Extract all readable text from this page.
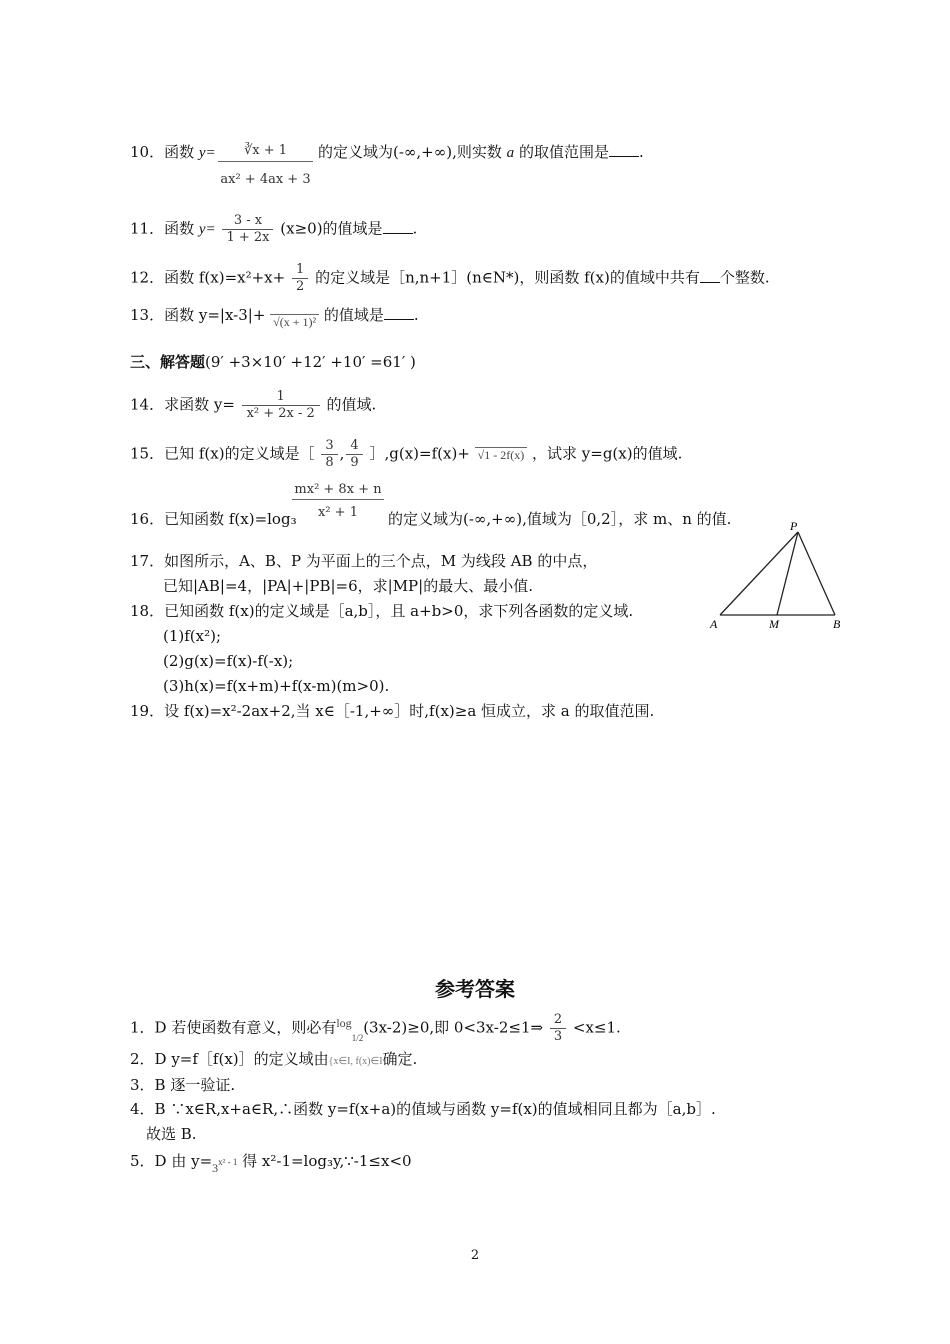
10．函数 y=	∛x + 1
ax² + 4ax + 3
的定义域为(-∞,+∞),则实数 a 的取值范围是 .
11．函数 $y= \frac{3 - x}{1 + 2x} (x\ge 0)$的值域是 .
12．函数 $f(x)=x^2+x+ \frac{1}{2}$ 的定义域是［n,n+1］(n∈N*)，则函数 f(x)的值域中共有 个整数.
13．函数 y=|x-3|+ $_{√(x + 1)^2}$ 的值域是 .
三、解答题(9′ +3×10′ +12′ +10′ =61′ )
14．求函数 $y= \frac{1}{\text{x² + 2x - 2}}$ 的值域.
15．已知 f(x)的定义域是［ $\frac{3}{8}$ , $\frac{4}{9}$ ］,g(x)=f(x)+ √1 - 2f(x) ，试求 y=g(x)的值域.
16．已知函数 f(x)=log₃
mx² + 8x + n
x² + 1	的定义域为(-∞,+∞),值域为［0,2］，求 m、n 的值.
17．如图所示，A、B、P 为平面上的三个点，M 为线段 AB 的中点，
已知|AB|=4，|PA|+|PB|=6，求|MP|的最大、最小值.
18．已知函数 f(x)的定义域是［a,b］，且 a+b>0，求下列各函数的定义域.
(1)f(x²);
(2)g(x)=f(x)-f(-x);
(3)h(x)=f(x+m)+f(x-m)(m>0).
19．设 f(x)=x²-2ax+2,当 x∈［-1,+∞］时,f(x)≥a 恒成立，求 a 的取值范围.
P
A	M	B
参考答案
1．D 若使函数有意义，则必有$^{log}_{1/2}$(3x-2)≥0,即 0<3x-2≤1⇒ $\frac{2}{3} <x\le 1$.
2．D y=f［f(x)］的定义域由{x∈I, f(x)∈I确定.
3．B 逐一验证.
4．B ∵x∈R,x+a∈R,∴函数 y=f(x+a)的值域与函数 y=f(x)的值域相同且都为［a,b］.
故选 B.
5．D 由 $y=_3x^2 - 1$ 得 x²-1=log₃y,∵-1≤x<0
2
